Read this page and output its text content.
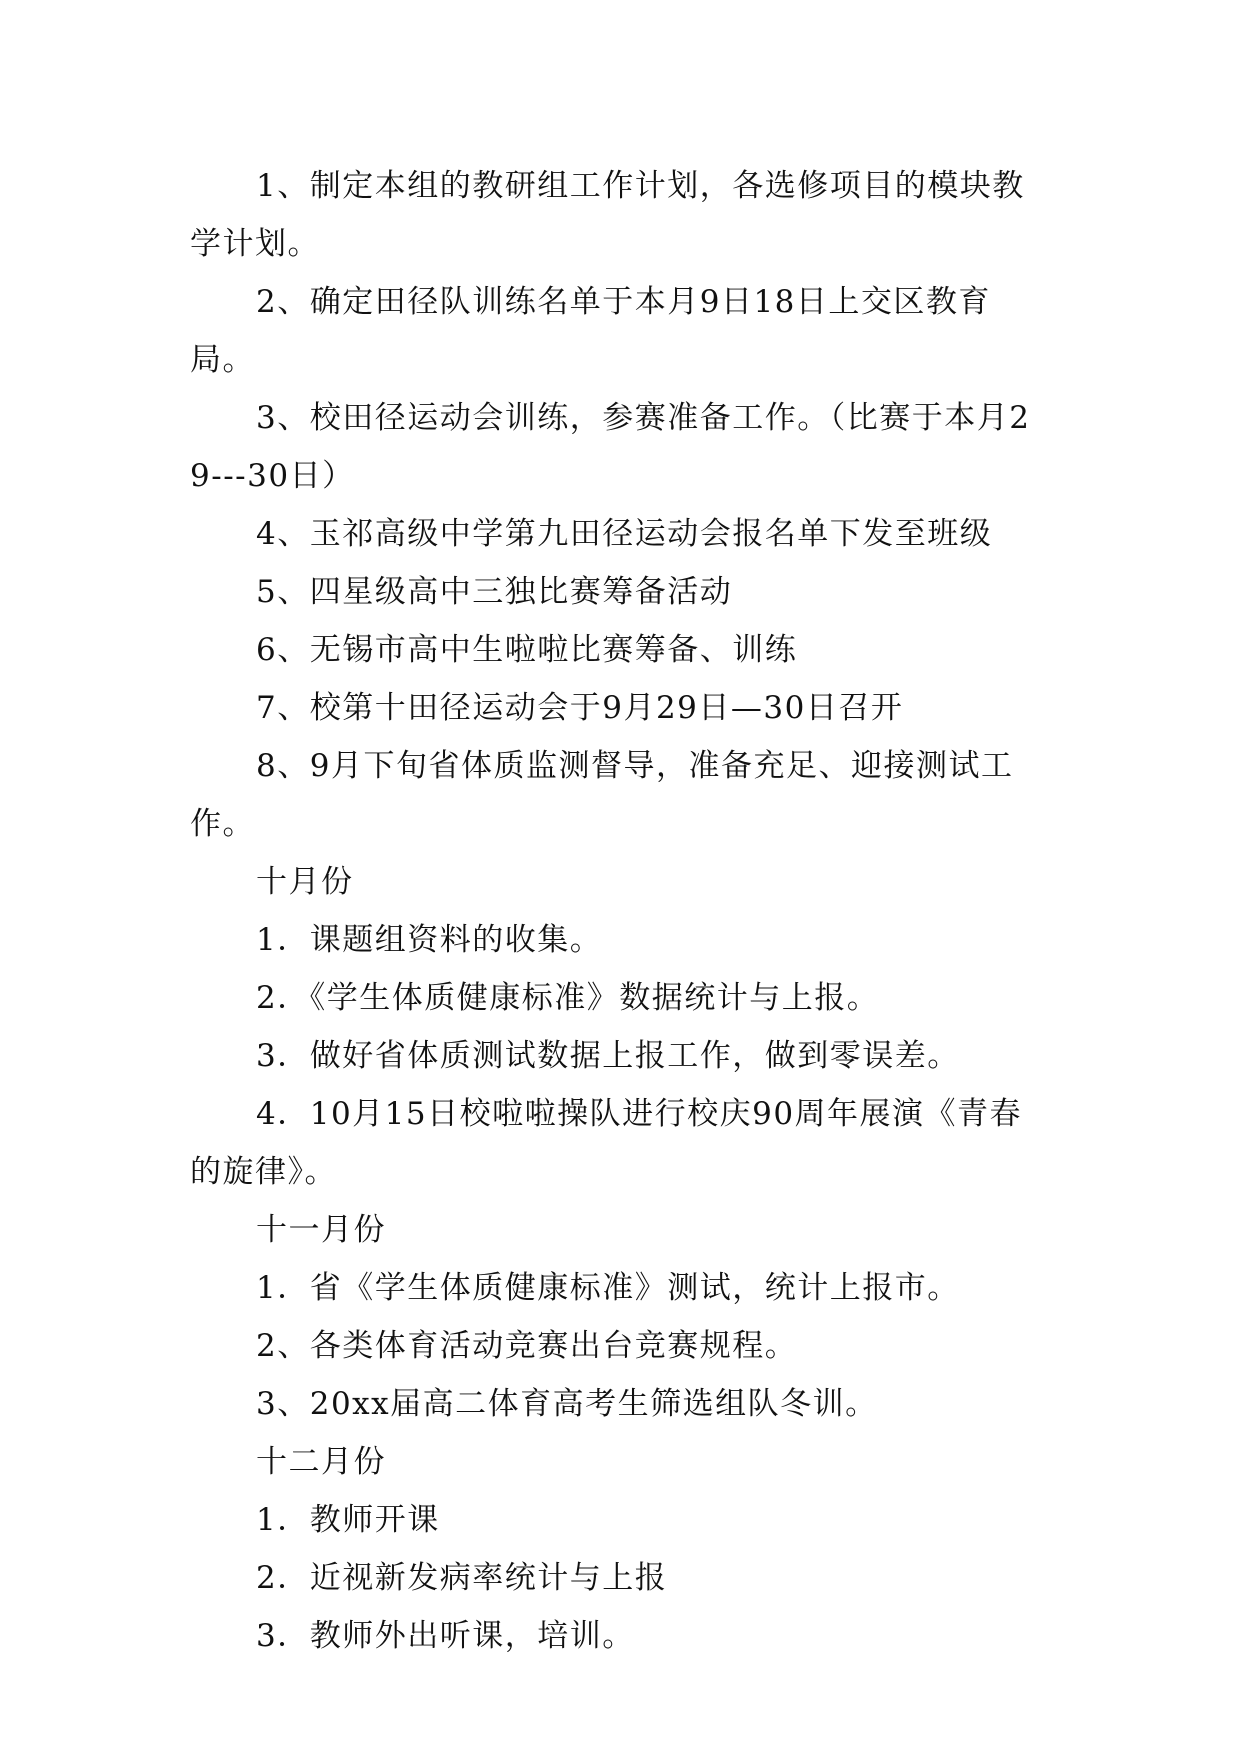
1、制定本组的教研组工作计划，各选修项目的模块教学计划。

2、确定田径队训练名单于本月9日18日上交区教育局。

3、校田径运动会训练，参赛准备工作。（比赛于本月29---30日）

4、玉祁高级中学第九田径运动会报名单下发至班级

5、四星级高中三独比赛筹备活动

6、无锡市高中生啦啦比赛筹备、训练

7、校第十田径运动会于9月29日—30日召开

8、9月下旬省体质监测督导，准备充足、迎接测试工作。

十月份

1．课题组资料的收集。

2．《学生体质健康标准》数据统计与上报。

3．做好省体质测试数据上报工作，做到零误差。

4．10月15日校啦啦操队进行校庆90周年展演《青春的旋律》。

十一月份

1．省《学生体质健康标准》测试，统计上报市。

2、各类体育活动竞赛出台竞赛规程。

3、20xx届高二体育高考生筛选组队冬训。

十二月份

1．教师开课

2．近视新发病率统计与上报

3．教师外出听课，培训。
